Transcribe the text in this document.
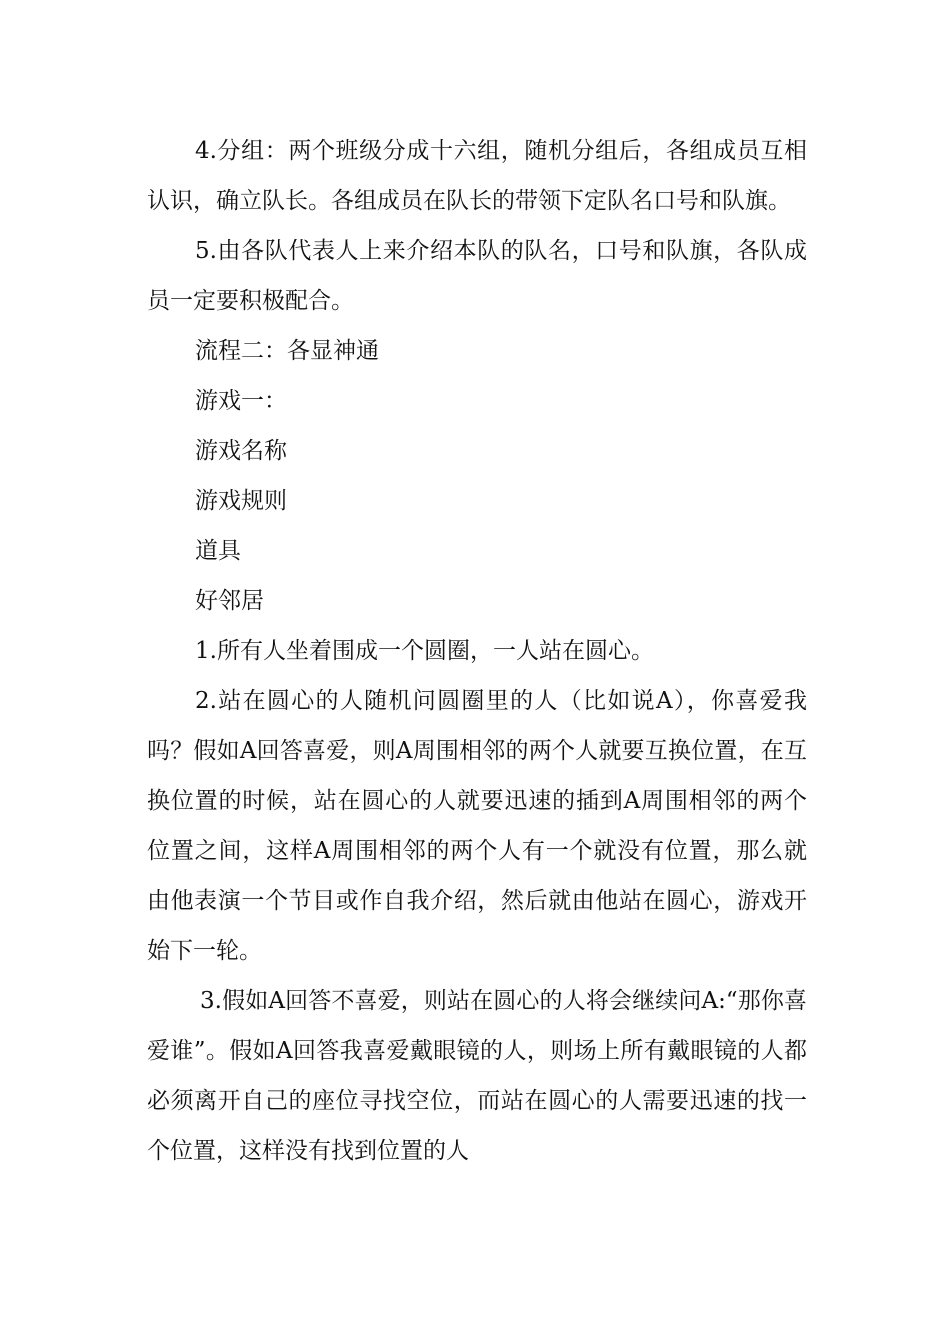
4.分组：两个班级分成十六组，随机分组后，各组成员互相认识，确立队长。各组成员在队长的带领下定队名口号和队旗。

5.由各队代表人上来介绍本队的队名，口号和队旗，各队成员一定要积极配合。

流程二：各显神通

游戏一：

游戏名称

游戏规则

道具

好邻居

1.所有人坐着围成一个圆圈，一人站在圆心。

2.站在圆心的人随机问圆圈里的人（比如说A），你喜爱我吗？假如A回答喜爱，则A周围相邻的两个人就要互换位置，在互换位置的时候，站在圆心的人就要迅速的插到A周围相邻的两个位置之间，这样A周围相邻的两个人有一个就没有位置，那么就由他表演一个节目或作自我介绍，然后就由他站在圆心，游戏开始下一轮。

3.假如A回答不喜爱，则站在圆心的人将会继续问A:“那你喜爱谁”。假如A回答我喜爱戴眼镜的人，则场上所有戴眼镜的人都必须离开自己的座位寻找空位，而站在圆心的人需要迅速的找一个位置，这样没有找到位置的人
